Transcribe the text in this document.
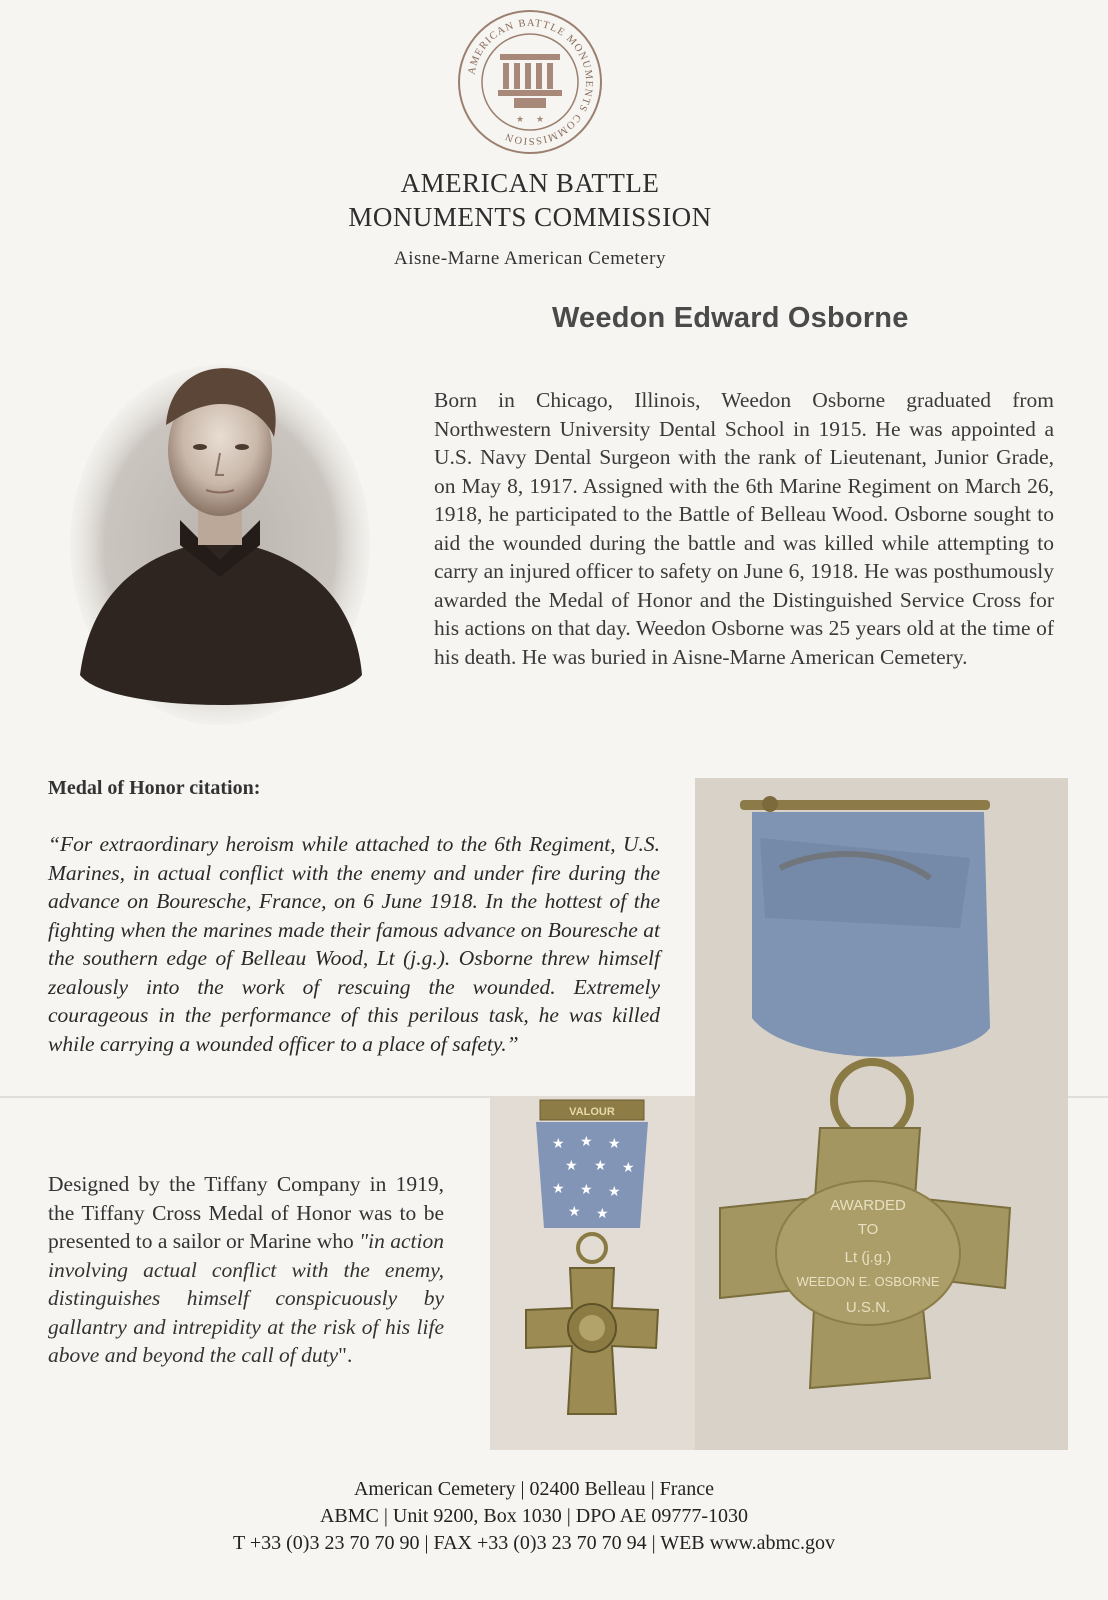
AMERICAN BATTLE MONUMENTS COMMISSION
★ ★
AMERICAN BATTLE
MONUMENTS COMMISSION
Aisne-Marne American Cemetery
Weedon Edward Osborne
Born in Chicago, Illinois, Weedon Osborne graduated from Northwestern University Dental School in 1915. He was appointed a U.S. Navy Dental Surgeon with the rank of Lieutenant, Junior Grade, on May 8, 1917. Assigned with the 6th Marine Regiment on March 26, 1918, he participated to the Battle of Belleau Wood. Osborne sought to aid the wounded during the battle and was killed while attempting to carry an injured officer to safety on June 6, 1918. He was posthumously awarded the Medal of Honor and the Distinguished Service Cross for his actions on that day. Weedon Osborne was 25 years old at the time of his death. He was buried in Aisne-Marne American Cemetery.
Medal of Honor citation:
“For extraordinary heroism while attached to the 6th Regiment, U.S. Marines, in actual conflict with the enemy and under fire during the advance on Bouresche, France, on 6 June 1918. In the hottest of the fighting when the marines made their famous advance on Bouresche at the southern edge of Belleau Wood, Lt (j.g.). Osborne threw himself zealously into the work of rescuing the wounded. Extremely courageous in the performance of this perilous task, he was killed while carrying a wounded officer to a place of safety.”
Designed by the Tiffany Company in 1919, the Tiffany Cross Medal of Honor was to be presented to a sailor or Marine who "in action involving actual conflict with the enemy, distinguishes himself conspicuously by gallantry and intrepidity at the risk of his life above and beyond the call of duty".
AWARDED
TO
Lt (j.g.)
WEEDON E. OSBORNE
U.S.N.
VALOUR
★ ★ ★
★ ★ ★
★ ★ ★
★ ★
American Cemetery | 02400 Belleau | France
ABMC | Unit 9200, Box 1030 | DPO AE 09777-1030
T +33 (0)3 23 70 70 90 | FAX +33 (0)3 23 70 70 94 | WEB www.abmc.gov
